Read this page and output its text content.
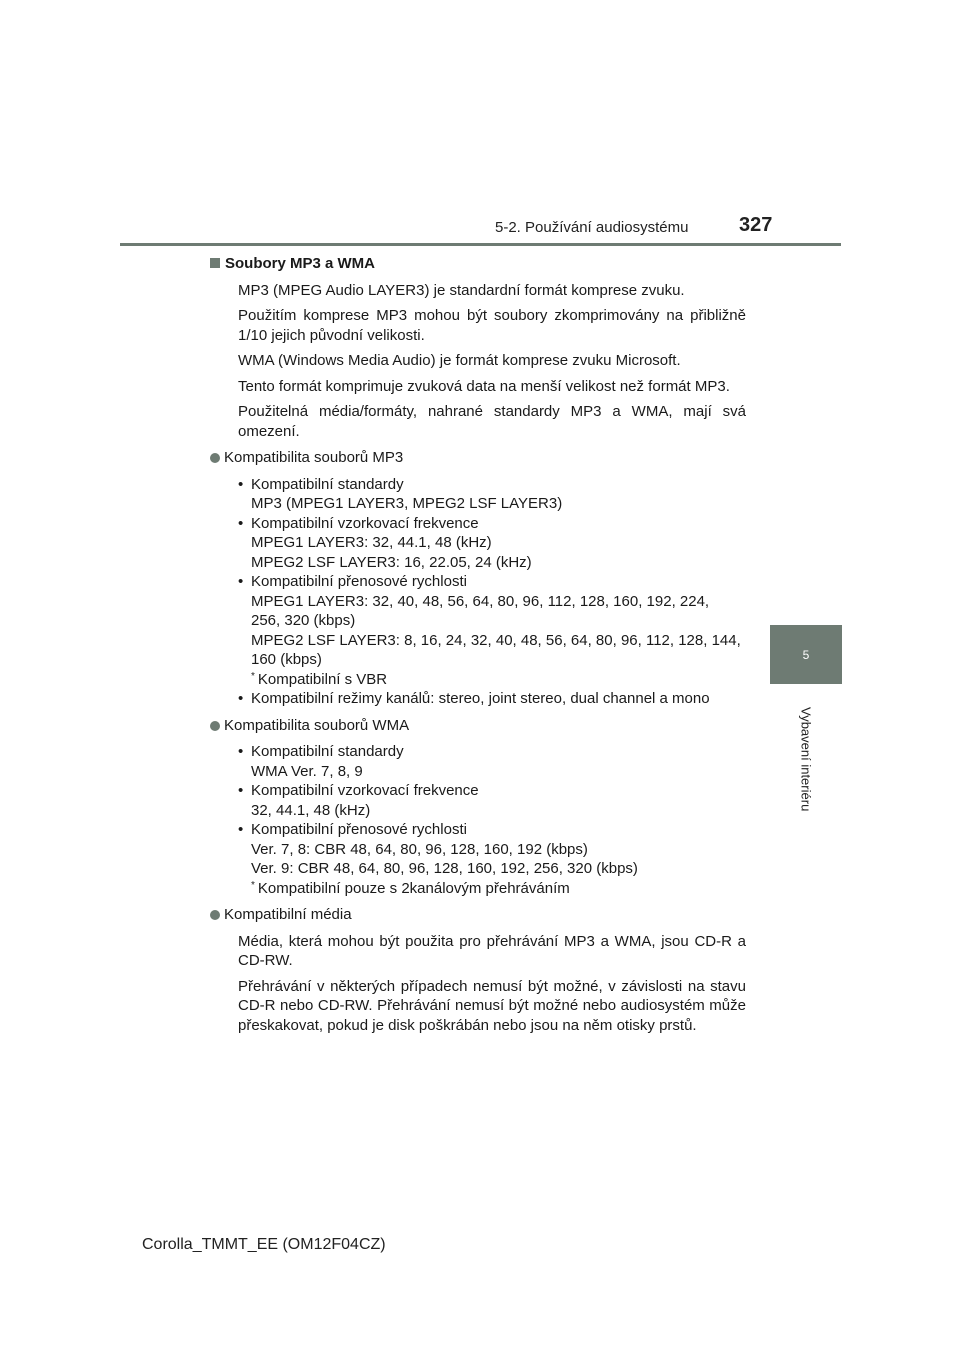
5-2. Používání audiosystému	327
5
Vybavení interiéru
Soubory MP3 a WMA

MP3 (MPEG Audio LAYER3) je standardní formát komprese zvuku.

Použitím komprese MP3 mohou být soubory zkomprimovány na přibližně 1/10 jejich původní velikosti.

WMA (Windows Media Audio) je formát komprese zvuku Microsoft.

Tento formát komprimuje zvuková data na menší velikost než formát MP3.

Použitelná média/formáty, nahrané standardy MP3 a WMA, mají svá omezení.

Kompatibilita souborů MP3
• Kompatibilní standardy
MP3 (MPEG1 LAYER3, MPEG2 LSF LAYER3)
• Kompatibilní vzorkovací frekvence
MPEG1 LAYER3: 32, 44.1, 48 (kHz)
MPEG2 LSF LAYER3: 16, 22.05, 24 (kHz)
• Kompatibilní přenosové rychlosti
MPEG1 LAYER3: 32, 40, 48, 56, 64, 80, 96, 112, 128, 160, 192, 224,
256, 320 (kbps)
MPEG2 LSF LAYER3: 8, 16, 24, 32, 40, 48, 56, 64, 80, 96, 112, 128, 144,
160 (kbps)
* Kompatibilní s VBR
• Kompatibilní režimy kanálů: stereo, joint stereo, dual channel a mono
Kompatibilita souborů WMA
• Kompatibilní standardy
WMA Ver. 7, 8, 9
• Kompatibilní vzorkovací frekvence
32, 44.1, 48 (kHz)
• Kompatibilní přenosové rychlosti
Ver. 7, 8: CBR 48, 64, 80, 96, 128, 160, 192 (kbps)
Ver. 9: CBR 48, 64, 80, 96, 128, 160, 192, 256, 320 (kbps)
* Kompatibilní pouze s 2kanálovým přehráváním
Kompatibilní média

Média, která mohou být použita pro přehrávání MP3 a WMA, jsou CD-R a CD-RW.

Přehrávání v některých případech nemusí být možné, v závislosti na stavu CD-R nebo CD-RW. Přehrávání nemusí být možné nebo audiosystém může přeskakovat, pokud je disk poškrábán nebo jsou na něm otisky prstů.

Corolla_TMMT_EE (OM12F04CZ)
